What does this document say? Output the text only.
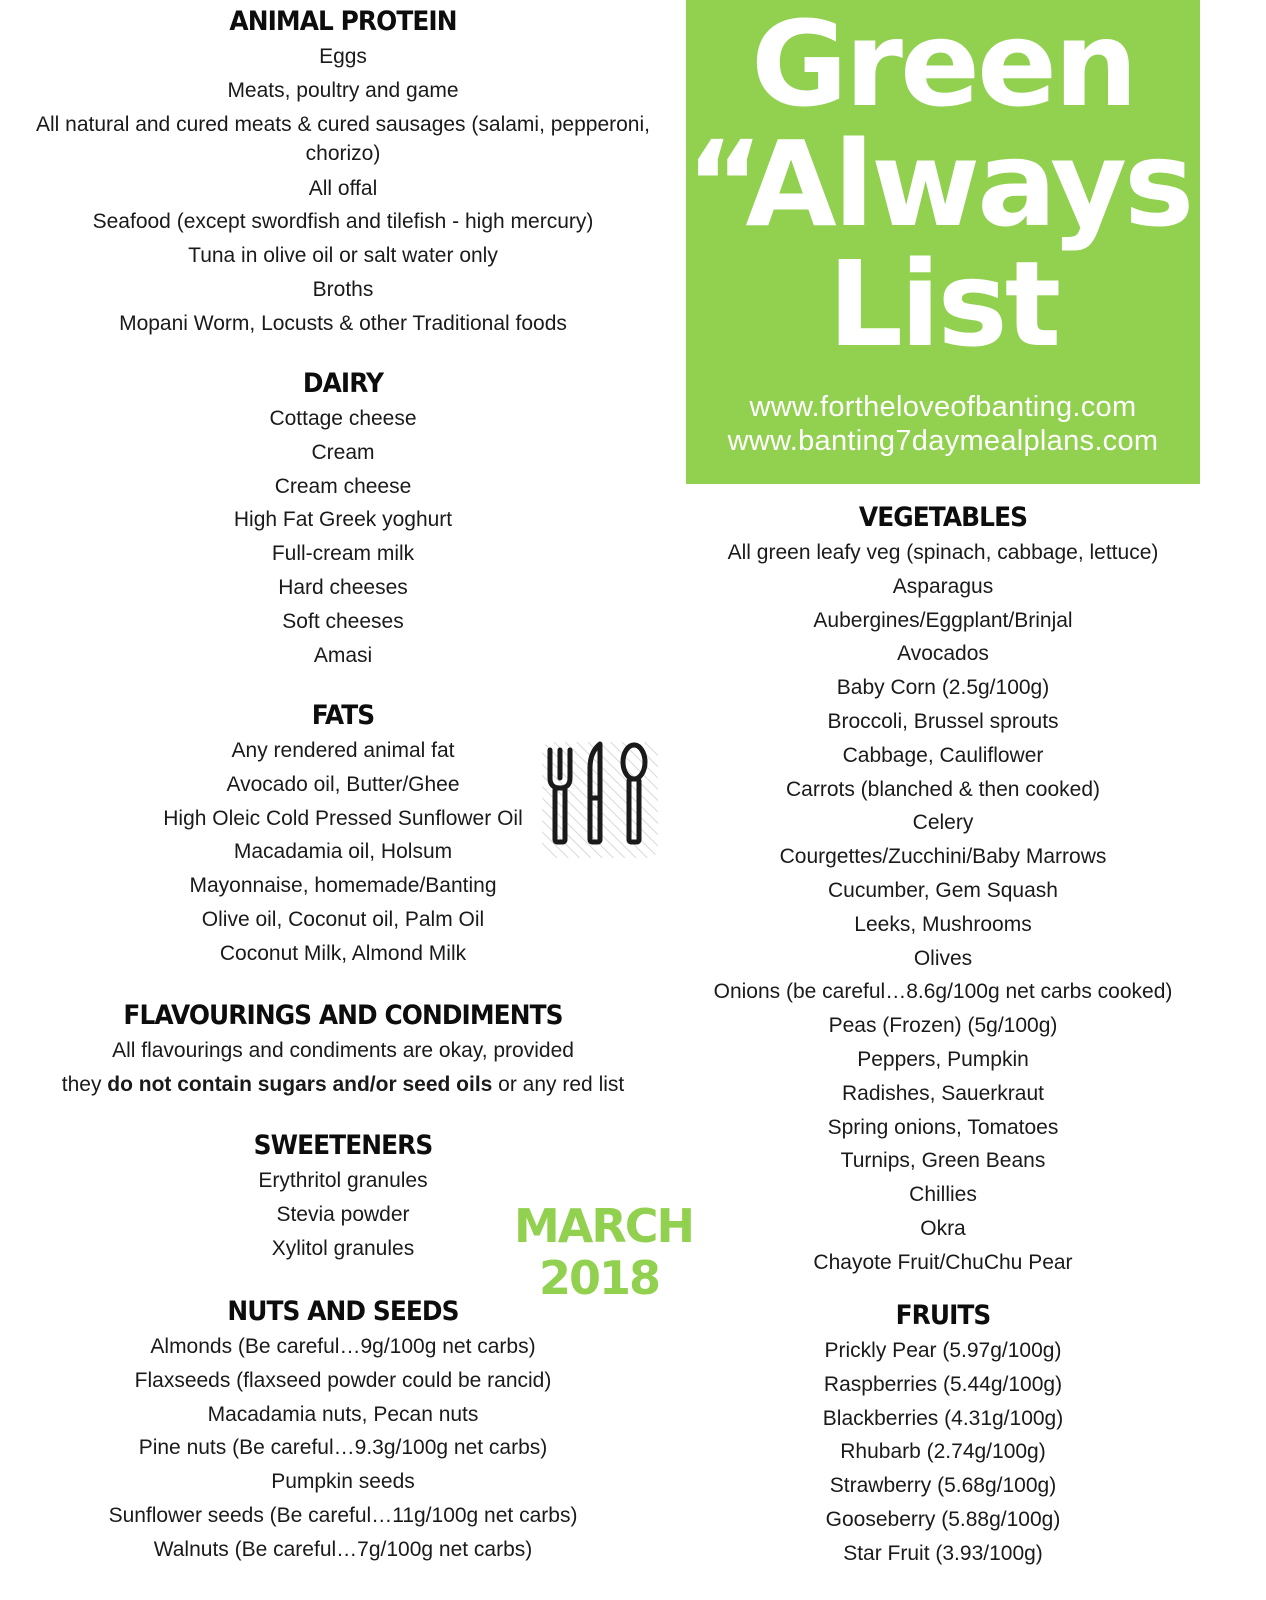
ANIMAL PROTEIN
Eggs
Meats, poultry and game
All natural and cured meats & cured sausages (salami, pepperoni, chorizo)
All offal
Seafood (except swordfish and tilefish - high mercury)
Tuna in olive oil or salt water only
Broths
Mopani Worm, Locusts & other Traditional foods
DAIRY
Cottage cheese
Cream
Cream cheese
High Fat Greek yoghurt
Full-cream milk
Hard cheeses
Soft cheeses
Amasi
FATS
Any rendered animal fat
Avocado oil, Butter/Ghee
High Oleic Cold Pressed Sunflower Oil
Macadamia oil, Holsum
Mayonnaise, homemade/Banting
Olive oil, Coconut oil, Palm Oil
Coconut Milk, Almond Milk
FLAVOURINGS AND CONDIMENTS

All flavourings and condiments are okay, provided

they do not contain sugars and/or seed oils or any red list

SWEETENERS
Erythritol granules
Stevia powder
Xylitol granules	MARCH
2018
NUTS AND SEEDS
Almonds (Be careful…9g/100g net carbs)
Flaxseeds (flaxseed powder could be rancid)
Macadamia nuts, Pecan nuts
Pine nuts (Be careful…9.3g/100g net carbs)
Pumpkin seeds
Sunflower seeds (Be careful…11g/100g net carbs)
Walnuts (Be careful…7g/100g net carbs)
Green
“Always”
List
www.fortheloveofbanting.com
www.banting7daymealplans.com
VEGETABLES
All green leafy veg (spinach, cabbage, lettuce)
Asparagus
Aubergines/Eggplant/Brinjal
Avocados
Baby Corn (2.5g/100g)
Broccoli, Brussel sprouts
Cabbage, Cauliflower
Carrots (blanched & then cooked)
Celery
Courgettes/Zucchini/Baby Marrows
Cucumber, Gem Squash
Leeks, Mushrooms
Olives
Onions (be careful…8.6g/100g net carbs cooked)
Peas (Frozen) (5g/100g)
Peppers, Pumpkin
Radishes, Sauerkraut
Spring onions, Tomatoes
Turnips, Green Beans
Chillies
Okra
Chayote Fruit/ChuChu Pear
FRUITS
Prickly Pear (5.97g/100g)
Raspberries (5.44g/100g)
Blackberries (4.31g/100g)
Rhubarb (2.74g/100g)
Strawberry (5.68g/100g)
Gooseberry (5.88g/100g)
Star Fruit (3.93/100g)
